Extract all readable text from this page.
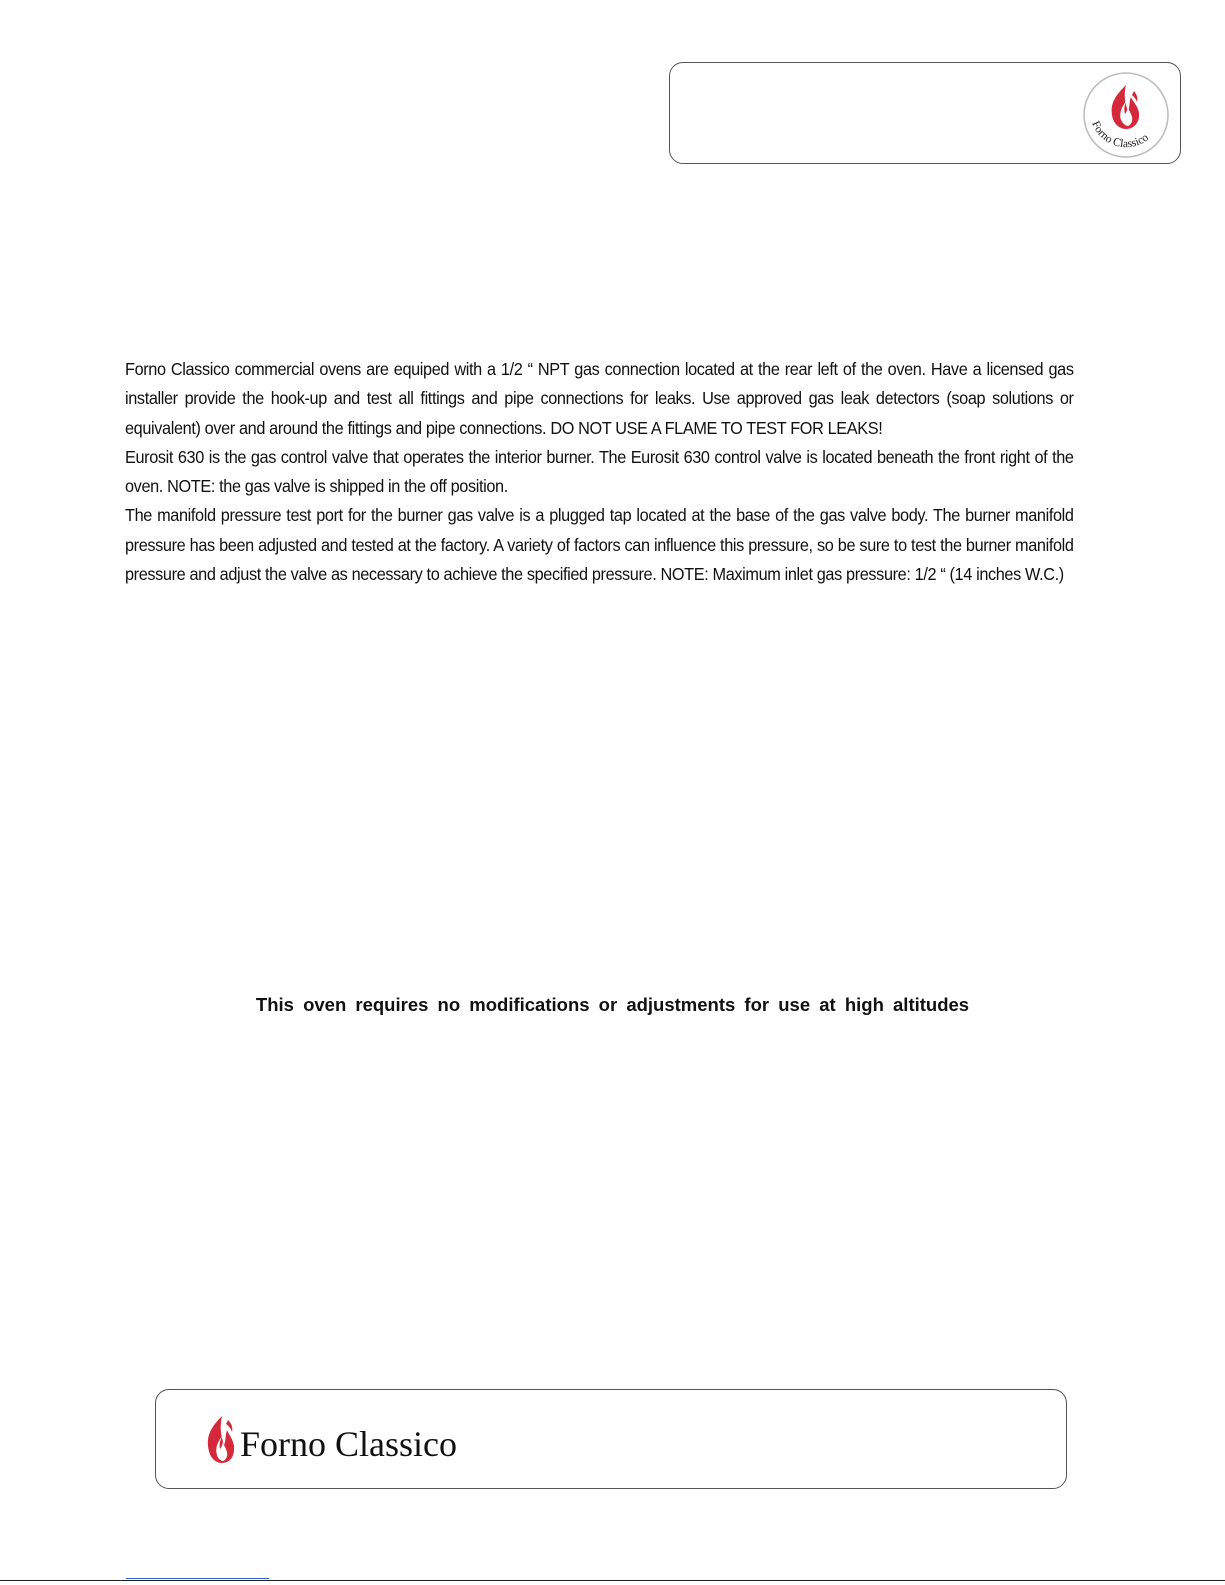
Forno Classico

Forno Classico commercial ovens are equiped with a 1/2 “ NPT gas connection located at the rear left of the oven. Have a licensed gas installer provide the hook-up and test all fittings and pipe connections for leaks. Use approved gas leak detectors (soap solutions or equivalent) over and around the fittings and pipe connections. DO NOT USE A FLAME TO TEST FOR LEAKS!

Eurosit 630 is the gas control valve that operates the interior burner. The Eurosit 630 control valve is located beneath the front right of the oven. NOTE: the gas valve is shipped in the off position.

The manifold pressure test port for the burner gas valve is a plugged tap located at the base of the gas valve body. The burner manifold pressure has been adjusted and tested at the factory. A variety of factors can influence this pressure, so be sure to test the burner manifold pressure and adjust the valve as necessary to achieve the specified pressure. NOTE: Maximum inlet gas pressure: 1/2 “ (14 inches W.C.)

This oven requires no modifications or adjustments for use at high altitudes
Forno Classico
